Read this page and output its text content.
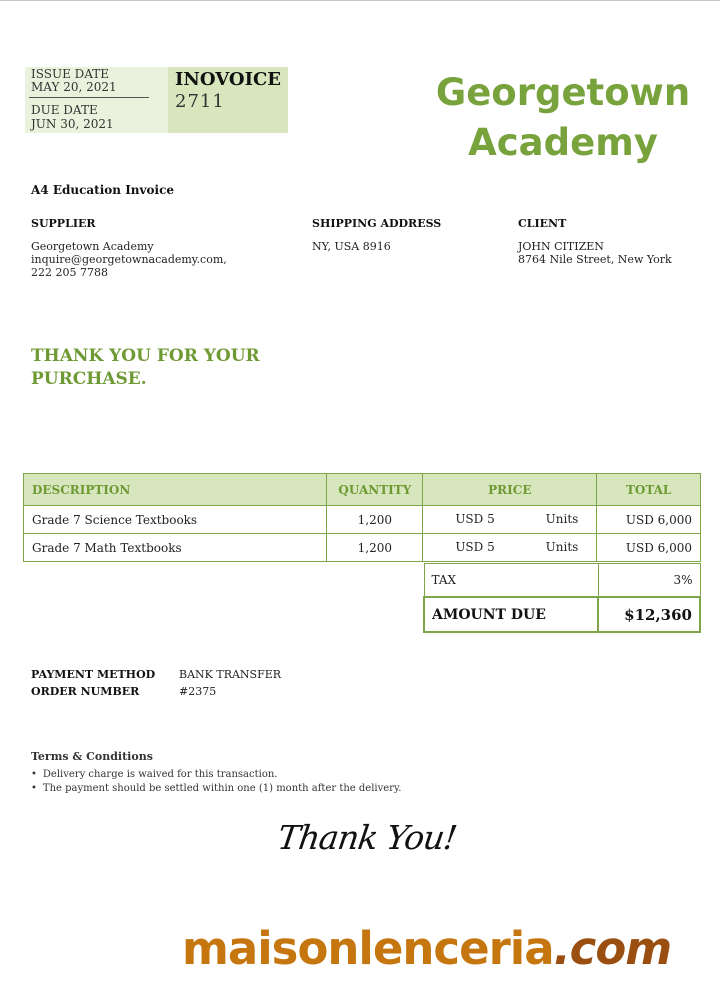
ISSUE DATE
MAY 20, 2021
DUE DATE
JUN 30, 2021
INOVOICE
2711	Georgetown
Academy
A4 Education Invoice
SUPPLIER
Georgetown Academy
inquire@georgetownacademy.com,
222 205 7788
SHIPPING ADDRESS
NY, USA 8916
CLIENT
JOHN CITIZEN
8764 Nile Street, New York
THANK YOU FOR YOUR
PURCHASE.
DESCRIPTION	QUANTITY	PRICE	TOTAL
Grade 7 Science Textbooks	1,200	USD 5 Units	USD 6,000
Grade 7 Math Textbooks	1,200	USD 5 Units	USD 6,000
TAX	3%
AMOUNT DUE	$12,360
PAYMENT METHOD BANK TRANSFER
ORDER NUMBER	#2375
Terms & Conditions
• Delivery charge is waived for this transaction.
• The payment should be settled within one (1) month after the delivery.
Thank You!
maisonlenceria.com
